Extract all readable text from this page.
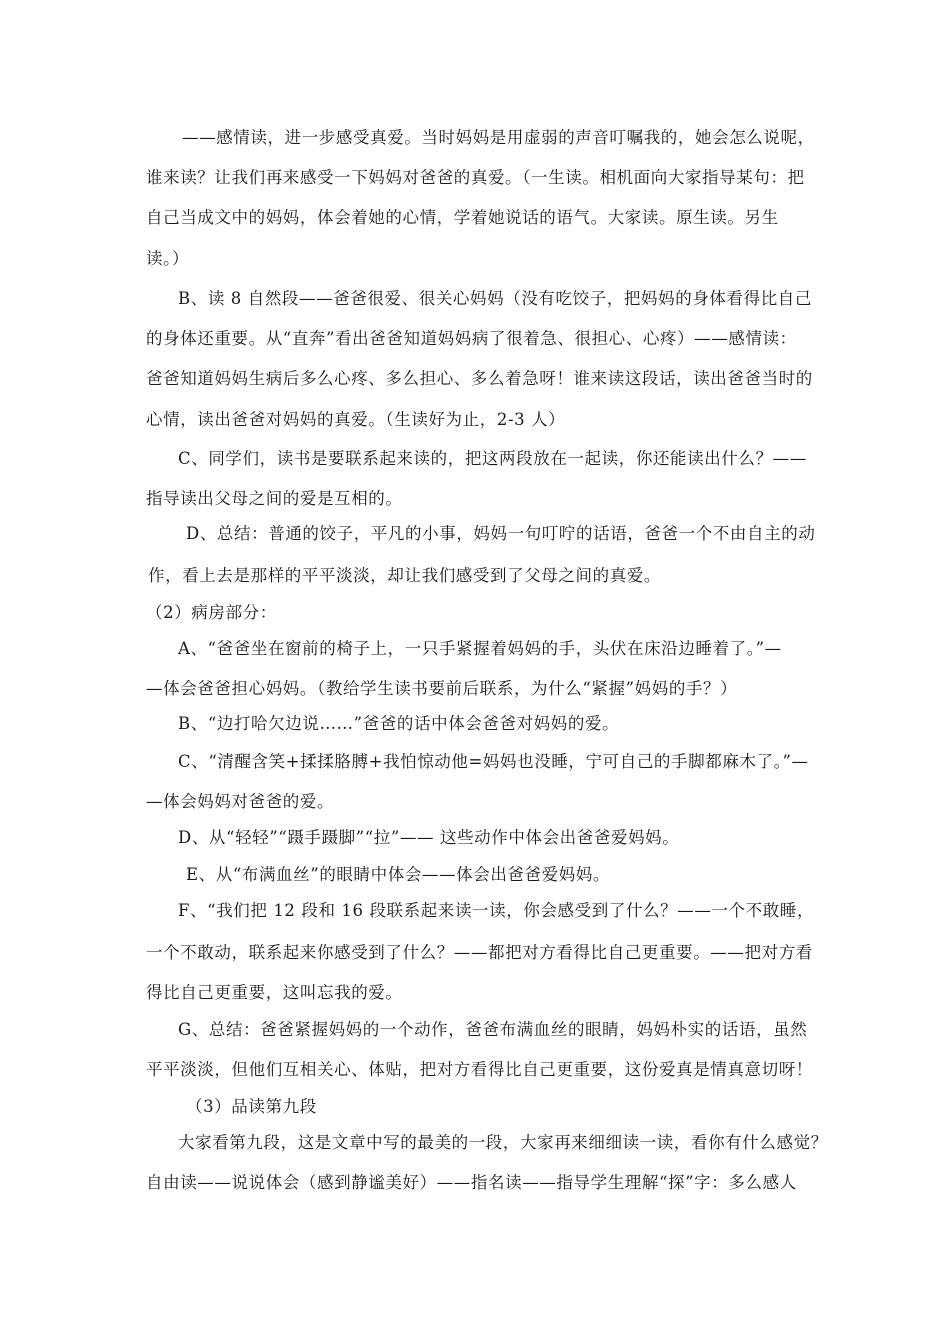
——感情读，进一步感受真爱。当时妈妈是用虚弱的声音叮嘱我的，她会怎么说呢，
谁来读？让我们再来感受一下妈妈对爸爸的真爱。（一生读。相机面向大家指导某句：把
自己当成文中的妈妈，体会着她的心情，学着她说话的语气。大家读。原生读。另生
读。）
B、读 8 自然段——爸爸很爱、很关心妈妈（没有吃饺子，把妈妈的身体看得比自己
的身体还重要。从“直奔”看出爸爸知道妈妈病了很着急、很担心、心疼）——感情读：
爸爸知道妈妈生病后多么心疼、多么担心、多么着急呀！谁来读这段话，读出爸爸当时的
心情，读出爸爸对妈妈的真爱。（生读好为止，2-3 人）
C、同学们，读书是要联系起来读的，把这两段放在一起读，你还能读出什么？——
指导读出父母之间的爱是互相的。
D、总结：普通的饺子，平凡的小事，妈妈一句叮咛的话语，爸爸一个不由自主的动
作，看上去是那样的平平淡淡，却让我们感受到了父母之间的真爱。
（2）病房部分：
A、“爸爸坐在窗前的椅子上，一只手紧握着妈妈的手，头伏在床沿边睡着了。”—
—体会爸爸担心妈妈。（教给学生读书要前后联系，为什么“紧握”妈妈的手？）
B、“边打哈欠边说……”爸爸的话中体会爸爸对妈妈的爱。
C、“清醒含笑+揉揉胳膊+我怕惊动他=妈妈也没睡，宁可自己的手脚都麻木了。”—
—体会妈妈对爸爸的爱。
D、从“轻轻”“蹑手蹑脚”“拉”—— 这些动作中体会出爸爸爱妈妈。
E、从“布满血丝”的眼睛中体会——体会出爸爸爱妈妈。
F、“我们把 12 段和 16 段联系起来读一读，你会感受到了什么？——一个不敢睡，
一个不敢动，联系起来你感受到了什么？——都把对方看得比自己更重要。——把对方看
得比自己更重要，这叫忘我的爱。
G、总结：爸爸紧握妈妈的一个动作，爸爸布满血丝的眼睛，妈妈朴实的话语，虽然
平平淡淡，但他们互相关心、体贴，把对方看得比自己更重要，这份爱真是情真意切呀！
（3）品读第九段
大家看第九段，这是文章中写的最美的一段，大家再来细细读一读，看你有什么感觉？
自由读——说说体会（感到静谧美好）——指名读——指导学生理解“探”字：多么感人
